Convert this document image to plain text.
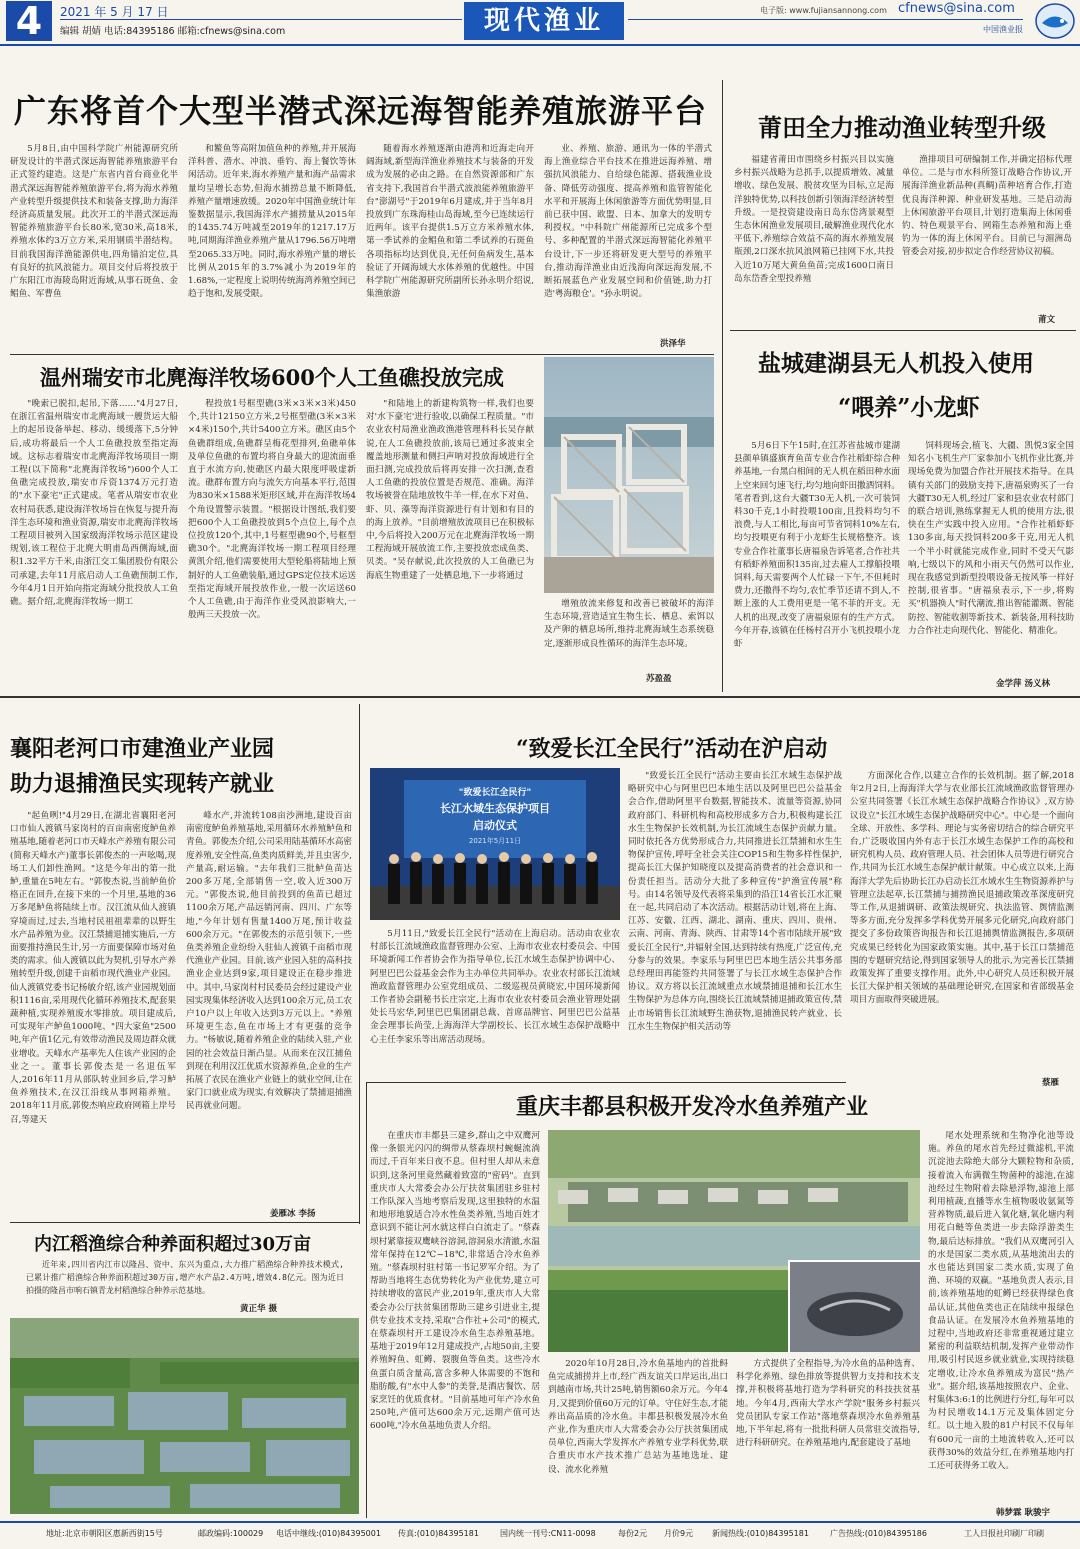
4	2021 年 5 月 17 日
编辑 胡婧 电话:84395186 邮箱:cfnews@sina.com	现代渔业	电子版: www.fujiansannong.com cfnews@sina.com
中国渔业报
广东将首个大型半潜式深远海智能养殖旅游平台
5月8日,由中国科学院广州能源研究所研发设计的半潜式深远海智能养殖旅游平台正式签约建造。这是广东省内首台商业化半潜式深远海智能养殖旅游平台,将为海水养殖产业转型升级提供技术和装备支撑,助力海洋经济高质量发展。此次开工的半潜式深远海智能养殖旅游平台长80米,宽30米,高18米,养殖水体约3万立方米,采用钢质半潜结构。目前我国海洋渔能源供电,四角锚泊定位,具有良好的抗风浪能力。项目交付后将投放于广东阳江市海陵岛附近海域,从事石斑鱼、金鲳鱼、军曹鱼
和鳘鱼等高附加值鱼种的养殖,并开展海洋科普、潜水、冲浪、垂钓、海上餐饮等休闲活动。近年来,海水养殖产量和海产品需求量均呈增长态势,但海水捕捞总量不断降低,养殖产量增速放缓。2020年中国渔业统计年鉴数据显示,我国海洋水产捕捞量从2015年的1435.74万吨减至2019年的1217.17万吨,同期海洋渔业养殖产量从1796.56万吨增至2065.33万吨。同时,海水养殖产量的增长比例从2015年的3.7%减小为2019年的1.68%,一定程度上说明传统海湾养殖空间已趋于饱和,发展受限。
随着海水养殖逐渐由港湾和近海走向开阔海域,新型海洋渔业养殖技术与装备的开发成为发展的必由之路。在自然资源部和广东省支持下,我国首台半潜式波浪能养殖旅游平台"澎湖号"于2019年6月建成,并于当年8月投放到广东珠海桂山岛海域,至今已连续运行近两年。该平台提供1.5万立方米养殖水体,第一季试养的金鲳鱼和第二季试养的石斑鱼各项指标均达到优良,无任何鱼病发生,基本验证了开阔海域大水体养殖的优越性。中国科学院广州能源研究所副所长孙永明介绍说,集渔旅游
业、养殖、旅游、通讯为一体的半潜式海上渔业综合平台技术在推进远海养殖、增强抗风浪能力、自给绿色能源、搭载渔业设备、降低劳动强度、提高养殖和监管智能化水平和开展海上休闲旅游等方面优势明显,目前已获中国、欧盟、日本、加拿大的发明专利授权。"中科院广州能源所已完成多个型号、多种配置的半潜式深远海智能化养殖平台设计,下一步还将研发更大型号的养殖平台,推动海洋渔业由近浅海向深远海发展,不断拓展蓝色产业发展空间和价值链,助力打造'粤海粮仓'。"孙永明说。
洪泽华
温州瑞安市北麂海洋牧场600个人工鱼礁投放完成
"晚索已脱扣,起吊,下落……"4月27日,在浙江省温州瑞安市北麂海域一艘货运大船上的起吊设备举起、移动、缓缓落下,5分钟后,成功将最后一个人工鱼礁投放至指定海域。这标志着瑞安市北麂海洋牧场项目一期工程(以下简称"北麂海洋牧场")600个人工鱼礁完成投放,瑞安市斥资1374万元打造的"水下豪宅"正式建成。笔者从瑞安市农业农村局获悉,建设海洋牧场旨在恢复与提升海洋生态环境和渔业资源,瑞安市北麂海洋牧场工程项目被列入国家级海洋牧场示范区建设规划,该工程位于北麂大明甫岛西侧海域,面积1.32平方千米,由浙江交工集团股份有限公司承建,去年11月底启动人工鱼礁预制工作,今年4月1日开始向指定海域分批投放人工鱼礁。据介绍,北麂海洋牧场一期工
程投放1号框型礁(3米×3米×3米)450个,共计12150立方米,2号框型礁(3米×3米×4米)150个,共计5400立方米。礁区由5个鱼礁群组成,鱼礁群呈梅花型排列,鱼礁单体及单位鱼礁的布置均将自身最大的迎流面垂直于水流方向,使礁区内最大限度呼吸虚新流。礁群布置方向与流矢方向基本平行,范围为830米×1588米矩形区域,并在海洋牧场4个角设置警示装置。"根据设计图纸,我们要把600个人工鱼礁投放到5个点位上,每个点位投放120个,其中,1号框型礁90个,号框型礁30个。"北麂海洋牧场一期工程项目经理黄凯介绍,他们需要使用大型轮船将陆地上预制好的人工鱼礁装船,通过GPS定位技术运送至指定海域开展投放作业,一般一次运送60个人工鱼礁,由于海洋作业受风浪影响大,一般两三天投放一次。
"和陆地上的新建构筑物一样,我们也要对'水下豪宅'进行验收,以确保工程质量。"市农业农村局渔业渔政渔港管理科科长吴存献说,在人工鱼礁投放前,该局已通过多波束全覆盖地形测量和侧扫声呐对投放海域进行全面扫测,完成投放后将再安排一次扫测,查看人工鱼礁的投放位置是否规范、准确。海洋牧场被誉在陆地放牧牛羊一样,在水下对鱼、虾、贝、藻等海洋资源进行有计划和有目的的海上放养。"目前增殖放流项目已在积极标中,今后将投入200万元在北麂海洋牧场一期工程海域开展放流工作,主要投放恋成鱼类、贝类。"吴存献说,此次投放的人工鱼礁已为海底生物重建了一处栖息地,下一步将通过
增殖放流来修复和改善已被破坏的海洋生态环境,营造适宜生物生长、栖息、索饵以及产卵的栖息场所,维持北麂海域生态系统稳定,逐渐形成良性循环的海洋生态环境。
苏盈盈
莆田全力推动渔业转型升级
福建省莆田市围绕乡村振兴目以实施乡村振兴战略为总抓手,以提质增效、减量增收、绿色发展、脱贫攻坚为目标,立足海洋独特优势,以科技创新引领海洋经济转型升级。一是投资建设南日岛东岱湾景观型生态休闲渔业发展项目,破解渔业现代化水平低下,养殖综合效益不高的海水养殖发展瓶颈,2口深水抗风浪网箱已挂网下水,共投入近10万尾大黄鱼鱼苗;完成1600口南日岛东岱香全型投养殖
渔排项目可研编制工作,并确定招标代理单位。二是与市水科所签订战略合作协议,开展海洋渔业新品种(真鲷)苗种培育合作,打造优良海洋种源、种业研发基地。三是启动海上休闲旅游平台项目,计划打造集海上休闲垂钓、特色观景平台、网箱生态养殖和海上垂钓为一体的海上休闲平台。目前已与湄洲岛管委会对接,初步拟定合作经营协议初稿。
莆文
盐城建湖县无人机投入使用
“喂养”小龙虾
5月6日下午15时,在江苏省盐城市建湖县颜单镇盛旗育鱼苗专业合作社稻虾综合种养基地,一台黑白相间的无人机在稻田种水面上空来回匀速飞行,均匀地向虾田撒洒饲料。笔者看到,这台大疆T30无人机,一次可装饲料30千克,1小时投喂100亩,且投料均匀不浪费,与人工相比,每亩可节省饲料10%左右,均匀投喂更有利于小龙虾生长规格整齐。该专业合作社董事长唐福泉告诉笔者,合作社共有稻虾养殖面积135亩,过去雇人工撑船投喂饲料,每天需要两个人忙碌一下午,不但耗时费力,还撒得不均匀,农忙季节还请不到人,不断上涨的人工费用更是一笔不菲的开支。无人机的出现,改变了唐福泉原有的生产方式。今年开春,该镇在任杨村召开小飞机投喂小龙虾
饲料现场会,植飞、大疆、凯悦3家全国知名小飞机生产厂家参加小飞机作业比赛,并现场免费为加盟合作社开展技术指导。在具镇有关部门的鼓励支持下,唐福泉购买了一台大疆T30无人机,经过厂家和县农业农村部门的联合培训,熟练掌握无人机的使用方法,很快在生产实践中投入应用。"合作社稻虾虾130多亩,每天投饲料200多千克,用无人机一个半小时就能完成作业,同时不受天气影响,七级以下的风和小雨天气仍然可以作业,现在我感觉到新型投喂设备无按风筝一样好控制,很省事。"唐福泉表示,下一步,将购买"机器换人"时代潮流,推出智能灌溉、智能防控、智能收割等新技术、新装备,用科技助力合作社走向现代化、智能化、精准化。
金学萍 汤义林
襄阳老河口市建渔业产业园
助力退捕渔民实现转产就业
"起鱼咧!"4月29日,在湖北省襄阳老河口市仙人渡镇马家岗村的百亩南密度鲈鱼养殖基地,随着老河口市天峰水产养殖有限公司(简称天峰水产)董事长郭俊杰的一声吆喝,现场工人们卸性渔网。"这是今年出的第一批鲈,重量在5吨左右。"郭俊杰说,当前鲈鱼价格正在回升,在接下来的一个月里,基地的36万多尾鲈鱼将陆续上市。汉江流从仙人渡镇穿境而过,过去,当地村民祖祖辈辈的以野生水产品养殖为业。汉江禁捕退捕实施后,一方面要推持渔民生计,另一方面要保障市场对鱼类的需求。仙人渡镇以此为契机,引导水产养殖转型升级,创建千亩稻市现代渔业产业园。仙人渡镇党委书记杨敏介绍,该产业园规划面积1116亩,采用现代化循环养殖技术,配套果蔬种植,实现养殖废水零排放。项目建成后,可实现年产鲈鱼1000吨、"四大家鱼"2500吨,年产值1亿元,有效带动渔民及周边群众就业增收。天峰水产基率先人住该产业园的企业之一。董事长郭俊杰是一名退伍军人,2016年11月从部队转业回乡后,学习鲈鱼养殖技术,在汉江沿线从事网箱养殖。2018年11月底,郭俊杰响应政府网箱上岸号召,等建天
峰水产,并流转108亩沙洲地,建设百亩南密度鲈鱼养殖基地,采用循环水养殖鲈鱼和青鱼。郭俊杰介绍,公司采用陆基循环水高密度养殖,安全性高,鱼类肉质鲜美,并且虫害少,产量高,耐运输。"去年我们三批鲈鱼苗达200多万尾,全部销售一空,收入近300万元。"郭俊杰说,他目前投到的鱼苗已超过1100余万尾,产品远销河南、四川、广东等地,"今年计划有售量1400万尾,预计收益600余万元。"在郭俊杰的示范引领下,一些鱼类养殖企业纷纷入驻仙人渡镇千亩稻市现代渔业产业园。目前,该产业园入驻的高科技渔业企业达到9家,项目建设正在稳步推进中。其中,马家岗村村民委员会经过建设产业园实现集体经济收入达到100余万元,员工农户10户以上年收入达到3万元以上。"养殖环境更生态,鱼在市场上才有更强的竞争力。"杨敏说,随着养殖企业的陆续入驻,产业园的社会效益日渐凸显。从而来在汉江捕鱼到现在利用汉江优质水资源养鱼,企业的生产拓展了农民在渔业产业链上的就业空间,让在家门口就业成为现实,有效解决了禁捕退捕渔民再就业问题。
姜雁冰 李扬
“致爱长江全民行”活动在沪启动
"致爱长江全民行"
长江水域生态保护项目
启动仪式
2021年5月11日
5月11日,"致爱长江全民行"活动在上海启动。活动由农业农村部长江流域渔政监督管理办公室、上海市农业农村委员会、中国环境新闻工作者协会作为指导单位,长江水域生态保护协调中心、阿里巴巴公益基金会作为主办单位共同举办。农业农村部长江流域渔政监督管理办公室党组成员、二级巡视员黄晓宏,中国环境新闻工作者协会副秘书长庄宗定,上海市农业农村委员会渔业管理处副处长马宏华,阿里巴巴集团副总裁、首席品牌官、阿里巴巴公益基金会理事长尚莹,上海海洋大学副校长、长江水域生态保护战略中心主任李家乐等出席活动现场。
"致爱长江全民行"活动主要由长江水域生态保护战略研究中心与阿里巴巴本地生活以及阿里巴巴公益基金会合作,借助阿里平台数据,智能技术、流量等资源,协同政府部门、科研机构和高校形成多方合力,积极构建长江水生生物保护长效机制,为长江流域生态保护贡献力量。同时依托各方优势形成合力,共同推进长江禁捕和水生生物保护宣传,呼吁全社会关注COP15和生物多样性保护,提高长江大保护知晓度以及提高消费者的社会意识和一份责任担当。活动分大批了多种宣传"护渔宣传展"称号。由14名领导及代表将采集到的沿江14省长江水汇聚在一起,共同启动了本次活动。根据活动计划,将在上海、江苏、安徽、江西、湖北、湖南、重庆、四川、贵州、云南、河南、青海、陕西、甘肃等14个省市陆续开展"致爱长江全民行",并辐射全国,达到持续有热度,广泛宣传,充分参与的效果。李家乐与阿里巴巴本地生活公共事务部总经理田再能签约共同签署了与长江水域生态保护合作协议。双方将以长江流域重点水域禁捕退捕和长江水生生物保护为总体方向,围绕长江流域禁捕退捕政策宣传,禁止市场销售长江流域野生渔获物,退捕渔民转产就业、长江水生生物保护相关活动等
方面深化合作,以建立合作的长效机制。据了解,2018年2月2日,上海海洋大学与农业部长江流域渔政监督管理办公室共同签署《长江水域生态保护战略合作协议》,双方协议设立"长江水域生态保护战略研究中心"。中心是一个面向全球、开放性、多学科、理论与实务密切结合的综合研究平台,广泛吸收国内外有志于长江水域生态保护工作的高校和研究机构人员、政府管理人员、社会团体人员等进行研究合作,共同为长江水域生态保护献计献策。中心成立以来,上海海洋大学先后协助长江办启动长江水域水生生物资源养护与管理立法起草,长江禁捕与捕捞渔民退捕政策改革深度研究等工作,从退捕调研、政策法规研究、执法监管、舆情监测等多方面,充分发挥多学科优势开展多元化研究,向政府部门提交了多份政策咨询报告和长江退捕舆情监测报告,多项研究成果已经转化为国家政策实施。其中,基于长江口禁捕范围的专题研究结论,得到国家领导人的批示,为完善长江禁捕政策发挥了重要支撑作用。此外,中心研究人员还积极开展长江大保护相关领域的基础理论研究,在国家和省部级基金项目方面取得突破进展。
蔡雁
内江稻渔综合种养面积超过30万亩
近年来,四川省内江市以隆昌、资中、东兴为重点,大力推广稻渔综合种养技术模式,已累计推广稻渔综合种养面积超过30万亩,增产水产品2.4万吨,增效4.8亿元。图为近日拍摄的隆昌市响石镇青龙村稻渔综合种养示范基地。
黄正华 摄
重庆丰都县积极开发冷水鱼养殖产业
在重庆市丰都县三建乡,群山之中双鹰河像一条银光闪闪的绸带从蔡森坝村蜿蜒流淌而过,千百年来日夜不息。但村里人却从未意识到,这条河里竟然藏着致富的"密码"。直到重庆市人大常委会办公厅扶贫集团驻乡驻村工作队深入当地考察后发现,这里独特的水温和地形地貌适合冷水性鱼类养殖,当地百姓才意识到不能让河水就这样白白流走了。"蔡森坝村紧靠接双鹰峡谷溶洞,溶洞泉水清澈,水温常年保持在12℃~18℃,非常适合冷水鱼养殖。"蔡森坝村驻村第一书记罗军介绍。为了帮助当地将生态优势转化为产业优势,建立可持续增收的富民产业,2019年,重庆市人大常委会办公厅扶贫集团帮助三建乡引进业主,提供专业技术支持,采取"合作社+公司"的模式,在蔡森坝村开工建设冷水鱼生态养殖基地。基地于2019年12月建成投产,占地50亩,主要养殖鲟鱼、虹鳟、裂腹鱼等鱼类。这些冷水鱼蛋白质含量高,富含多种人体需要的不饱和脂肪酸,有"水中人参"的美誉,是酒店餐饮、居家烹饪的优质食材。"目前基地可年产冷水鱼250吨,产值可达600余万元,远期产值可达600吨,"冷水鱼基地负责人介绍。
2020年10月28日,冷水鱼基地内的首批鲟鱼完成捕捞并上市,经广西友谊关口岸运出,出口到越南市场,共计25吨,销售额60余万元。今年4月,又提到价值60万元的订单。守住好生态,才能养出高品质的冷水鱼。丰都县积极发展冷水鱼产业,作为重庆市人大常委会办公厅扶贫集团成员单位,西南大学发挥水产养殖专业学科优势,联合重庆市水产技术推广总站为基地选址、建设、流水化养殖
方式提供了全程指导,为冷水鱼的品种选育、科学化养殖、绿色排放等提供智力支持和技术支撑,并积极将基地打造为学科研究的科技扶贫基地。今年4月,西南大学水产学院"服务乡村振兴党员团队专家工作站"落地蔡森坝冷水鱼养殖基地,下半年起,将有一批批科研人员常驻交流指导,进行科研研究。在养殖基地内,配套建设了基地
尾水处理系统和生物净化池等设施。养鱼的尾水首先经过微滤机,平流沉淀池去除绝大部分大颗粒物和杂质,接着流入布满微生物菌种的滤池,在滤池经过生物附着去除悬浮物,滤池上部利用植蔬,直播等水生植物吸收氨氮等营养物质,最后进入氧化塘,氧化塘内利用花白鲢等鱼类进一步去除浮游类生物,最后达标排放。"我们从双鹰河引入的水是国家二类水质,从基地流出去的水也能达到国家二类水质,实现了鱼渔、环境的双赢。"基地负责人表示,目前,该养殖基地的虹鳟已经获得绿色食品认证,其他鱼类也正在陆续申报绿色食品认证。在发展冷水鱼养殖基地的过程中,当地政府还非常重视通过建立紧密的利益联结机制,发挥产业带动作用,吸引村民返乡就业就业,实现持续稳定增收,让冷水鱼养殖成为富民"热产业"。据介绍,该基地按照农户、企业、村集体3:6:1的比例进行分红,每年可以为村民增收14.1万元及集体固定分红。以土地入股的81户村民不仅每年有600元一亩的土地流转收入,还可以获得30%的效益分红,在养殖基地内打工还可获得务工收入。
韩梦霖 耿骏宇
地址:北京市朝阳区惠新西街15号	邮政编码:100029 电话中继线:(010)84395001 传真:(010)84395181	国内统一刊号:CN11-0098	每份2元 月价9元 新闻热线:(010)84395181	广告热线:(010)84395186	工人日报社印刷厂印刷
